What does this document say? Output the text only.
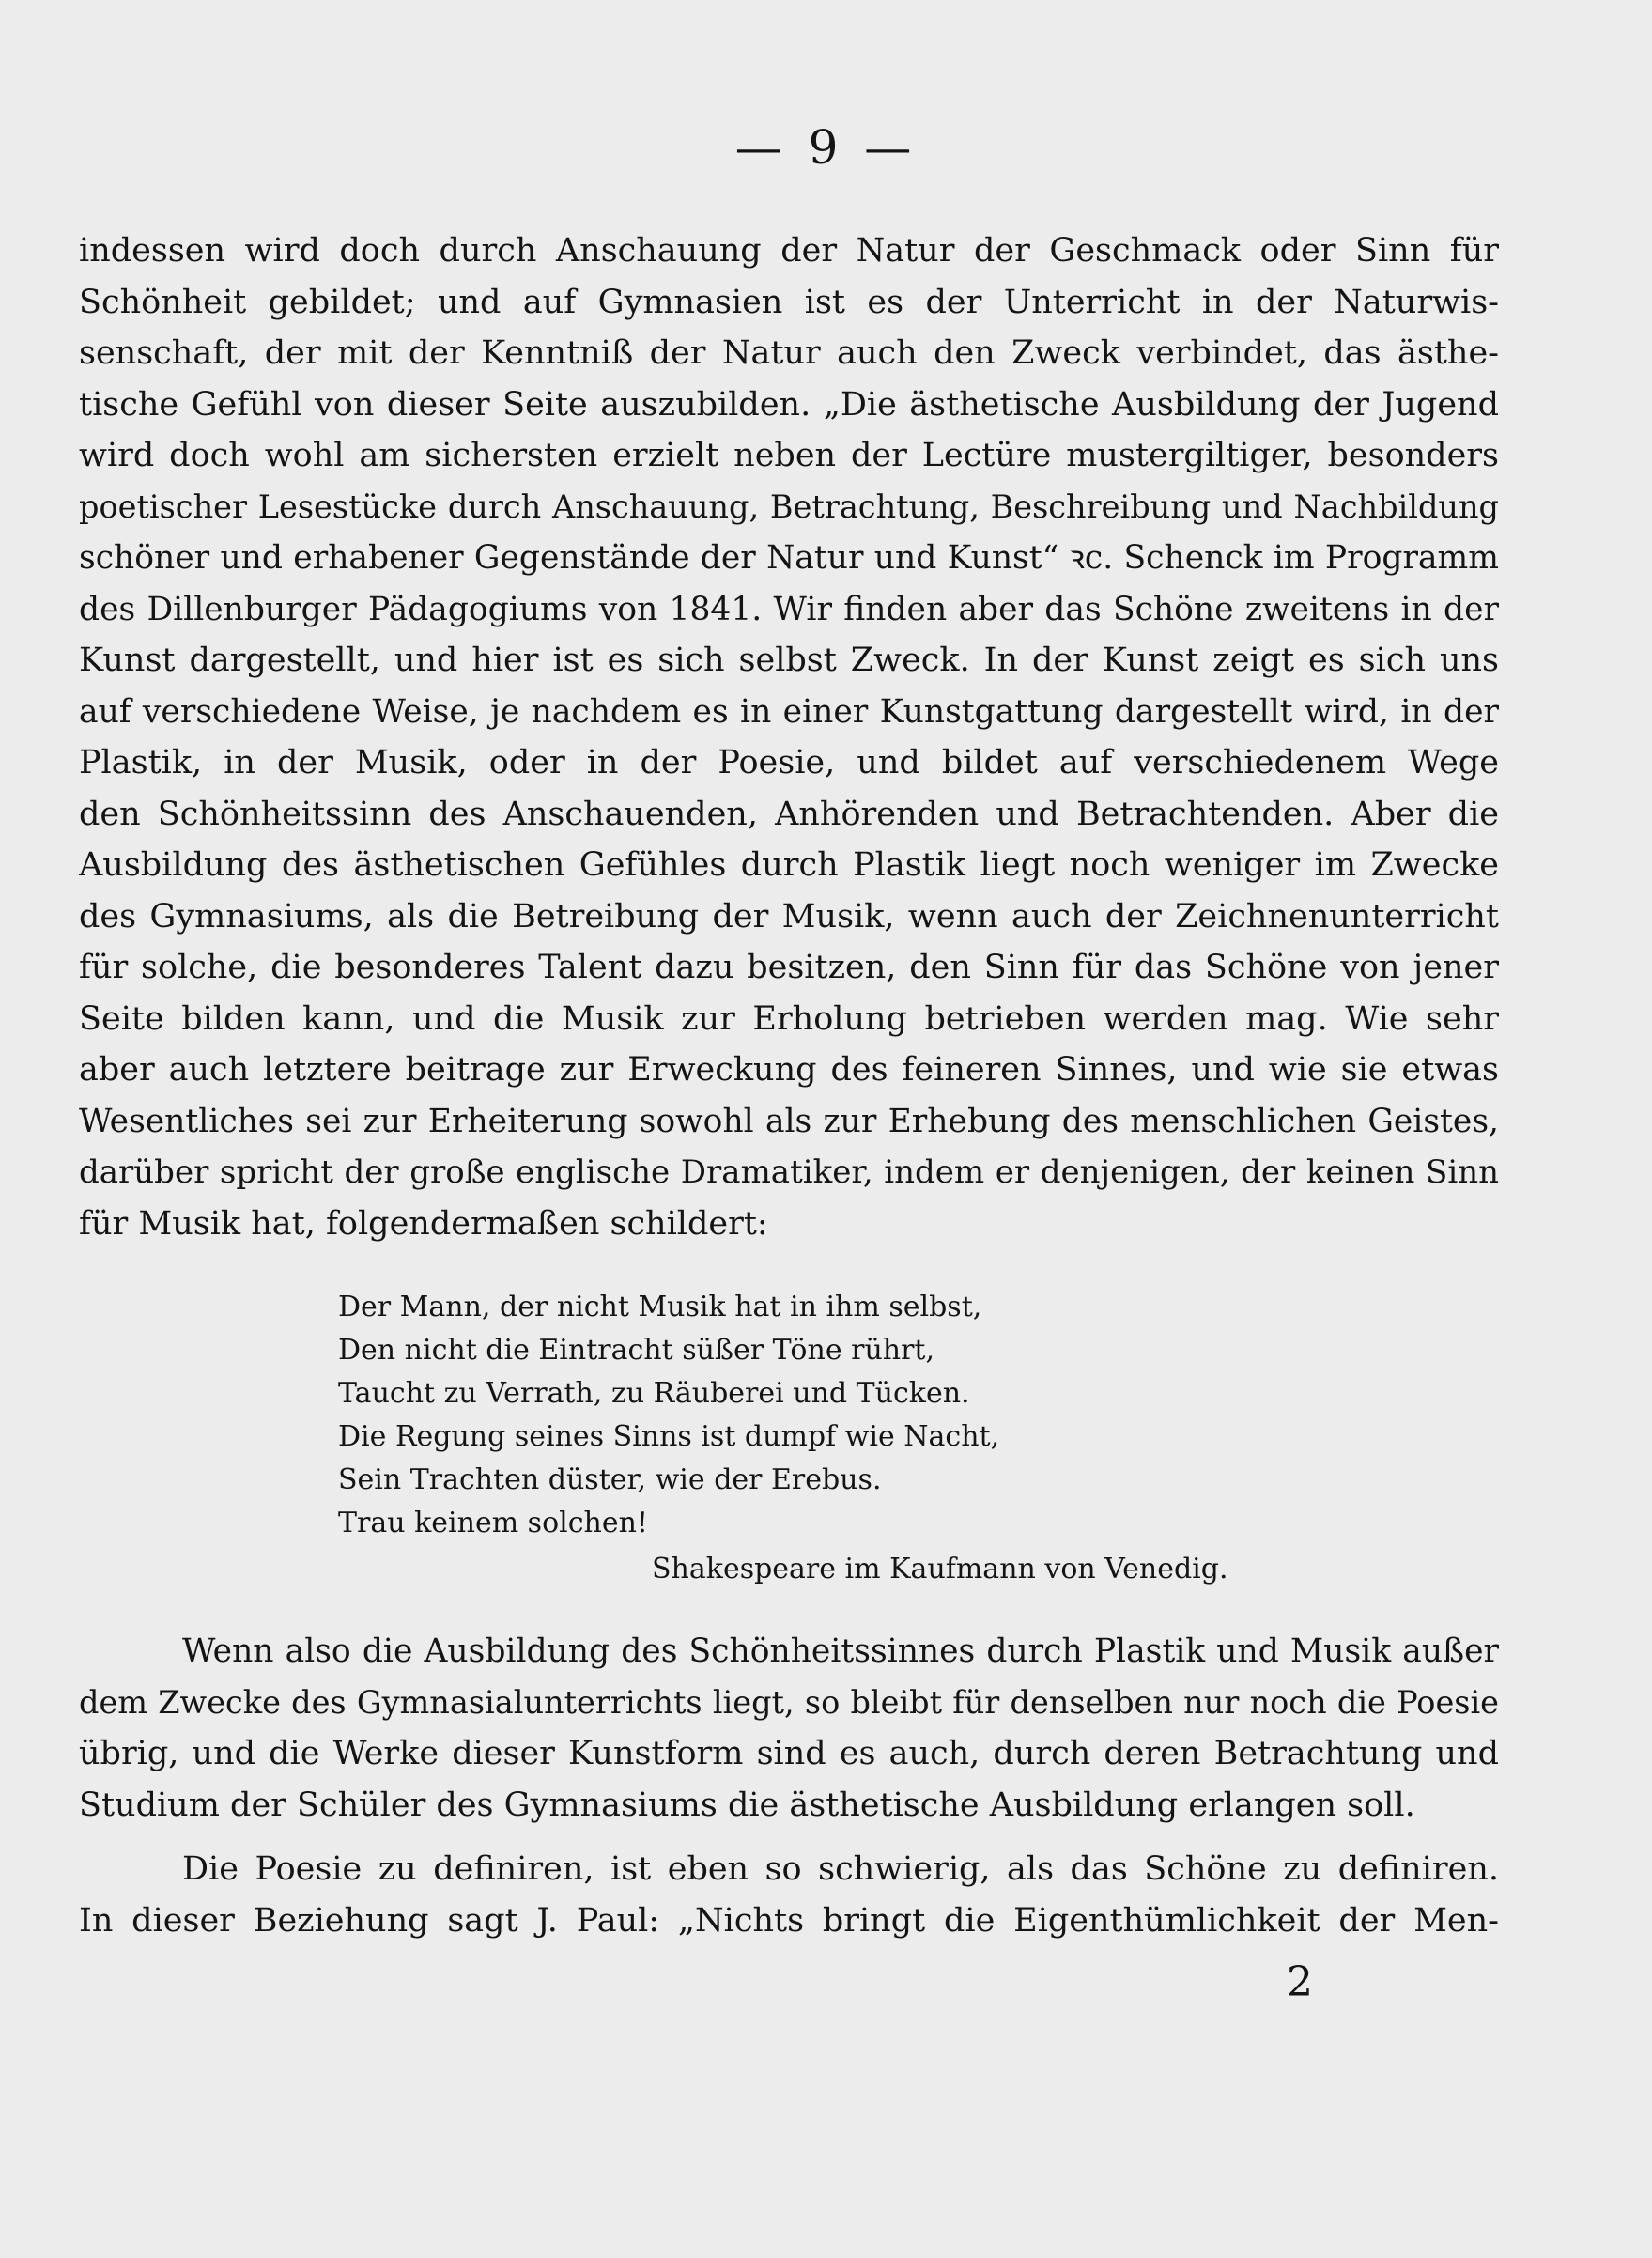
— 9 —
indessen wird doch durch Anschauung der Natur der Geschmack oder Sinn für
Schönheit gebildet; und auf Gymnasien ist es der Unterricht in der Naturwis-
senschaft, der mit der Kenntniß der Natur auch den Zweck verbindet, das ästhe-
tische Gefühl von dieser Seite auszubilden. „Die ästhetische Ausbildung der Jugend
wird doch wohl am sichersten erzielt neben der Lectüre mustergiltiger, besonders
poetischer Lesestücke durch Anschauung, Betrachtung, Beschreibung und Nachbildung
schöner und erhabener Gegenstände der Natur und Kunst“ ꝛc. Schenck im Programm
des Dillenburger Pädagogiums von 1841. Wir finden aber das Schöne zweitens in der
Kunst dargestellt, und hier ist es sich selbst Zweck. In der Kunst zeigt es sich uns
auf verschiedene Weise, je nachdem es in einer Kunstgattung dargestellt wird, in der
Plastik, in der Musik, oder in der Poesie, und bildet auf verschiedenem Wege
den Schönheitssinn des Anschauenden, Anhörenden und Betrachtenden. Aber die
Ausbildung des ästhetischen Gefühles durch Plastik liegt noch weniger im Zwecke
des Gymnasiums, als die Betreibung der Musik, wenn auch der Zeichnenunterricht
für solche, die besonderes Talent dazu besitzen, den Sinn für das Schöne von jener
Seite bilden kann, und die Musik zur Erholung betrieben werden mag. Wie sehr
aber auch letztere beitrage zur Erweckung des feineren Sinnes, und wie sie etwas
Wesentliches sei zur Erheiterung sowohl als zur Erhebung des menschlichen Geistes,
darüber spricht der große englische Dramatiker, indem er denjenigen, der keinen Sinn
für Musik hat, folgendermaßen schildert:
Der Mann, der nicht Musik hat in ihm selbst,
Den nicht die Eintracht süßer Töne rührt,
Taucht zu Verrath, zu Räuberei und Tücken.
Die Regung seines Sinns ist dumpf wie Nacht,
Sein Trachten düster, wie der Erebus.
Trau keinem solchen!
Shakespeare im Kaufmann von Venedig.
Wenn also die Ausbildung des Schönheitssinnes durch Plastik und Musik außer
dem Zwecke des Gymnasialunterrichts liegt, so bleibt für denselben nur noch die Poesie
übrig, und die Werke dieser Kunstform sind es auch, durch deren Betrachtung und
Studium der Schüler des Gymnasiums die ästhetische Ausbildung erlangen soll.
Die Poesie zu definiren, ist eben so schwierig, als das Schöne zu definiren.
In dieser Beziehung sagt J. Paul: „Nichts bringt die Eigenthümlichkeit der Men-
2
